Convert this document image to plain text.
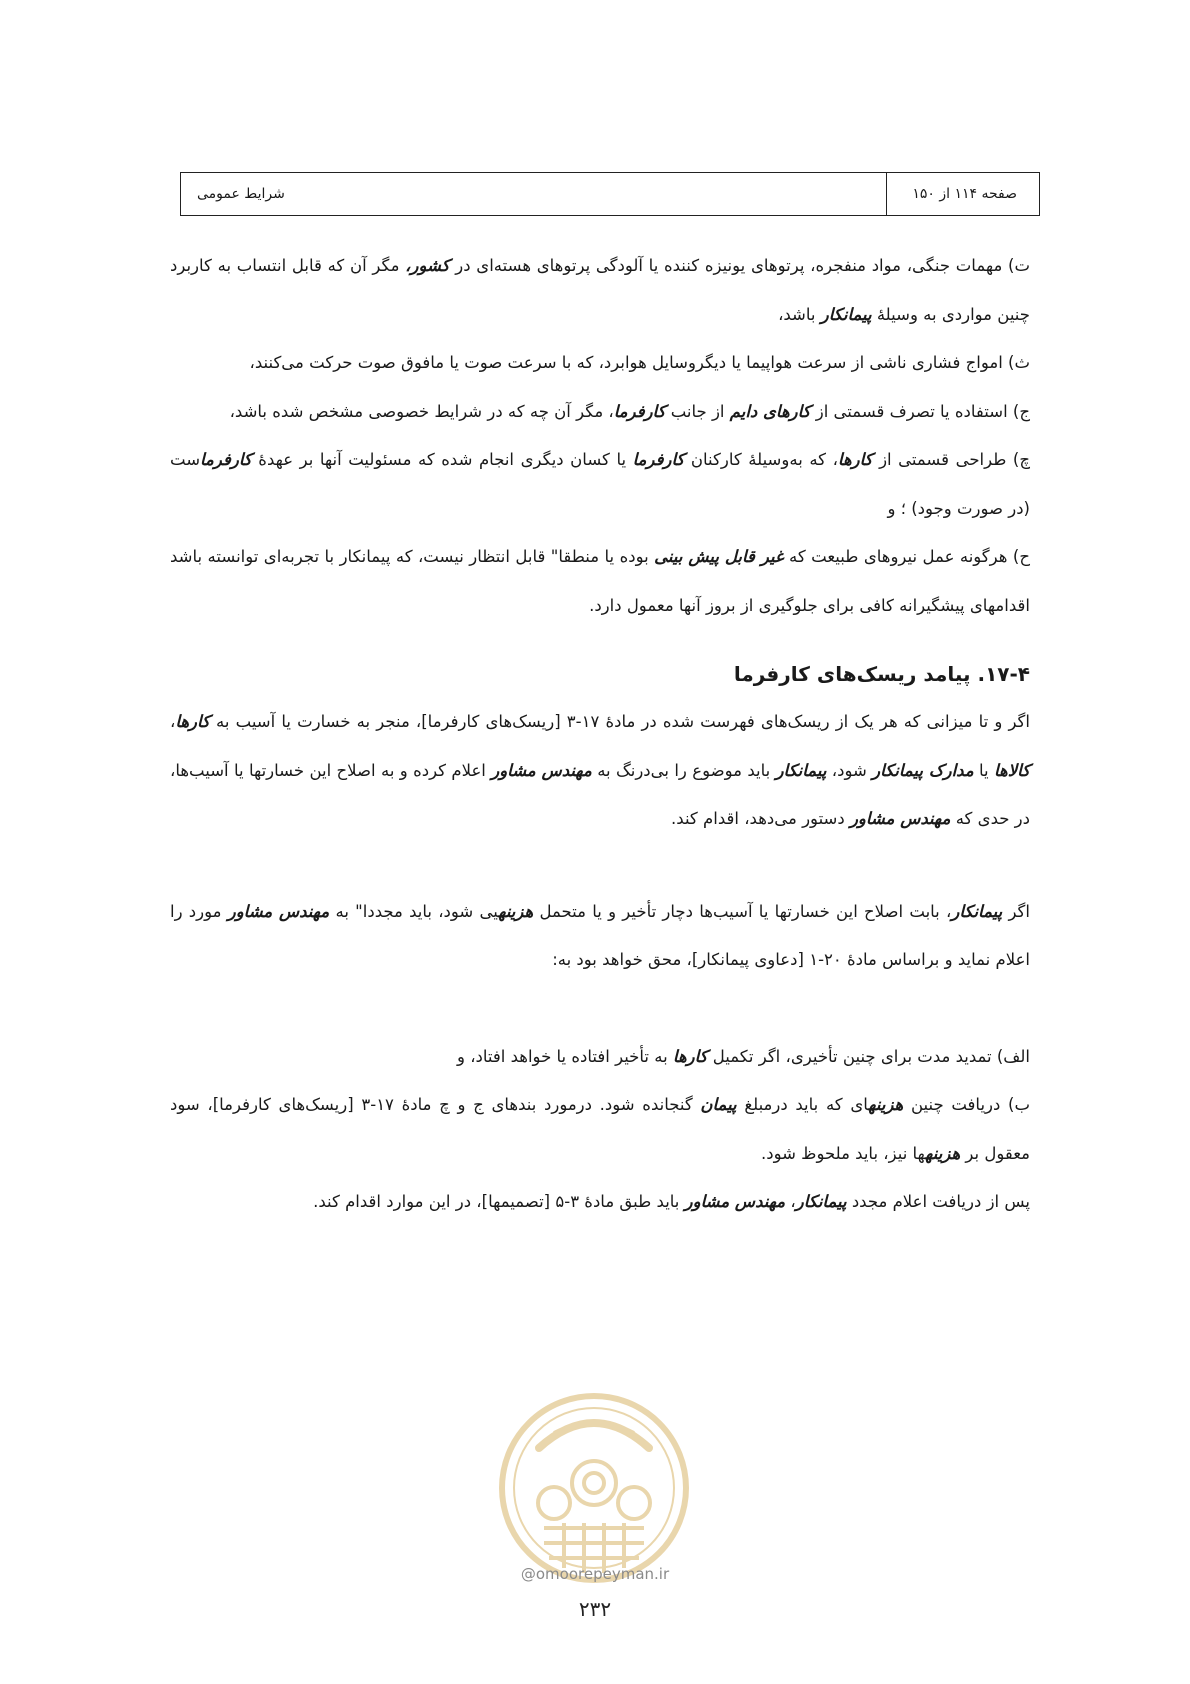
صفحه ۱۱۴ از ۱۵۰
شرایط عمومی

ت) مهمات جنگی، مواد منفجره، پرتوهای یونیزه کننده یا آلودگی پرتوهای هسته‌ای در کشور، مگر آن که قابل انتساب به کاربرد چنین مواردی به وسیلهٔ پیمانکار باشد،

ث) امواج فشاری ناشی از سرعت هواپیما یا دیگروسایل هوابرد، که با سرعت صوت یا مافوق صوت حرکت می‌کنند،

ج) استفاده یا تصرف قسمتی از کارهای دایم از جانب کارفرما، مگر آن چه که در شرایط خصوصی مشخص شده باشد،

چ) طراحی قسمتی از کارها، که به‌وسیلهٔ کارکنان کارفرما یا کسان دیگری انجام شده که مسئولیت آنها بر عهدهٔ کارفرماست (در صورت وجود) ؛ و

ح) هرگونه عمل نیروهای طبیعت که غیر قابل پیش بینی بوده یا منطقا" قابل انتظار نیست، که پیمانکار با تجربه‌ای توانسته باشد اقدامهای پیشگیرانه کافی برای جلوگیری از بروز آنها معمول دارد.

۱۷-۴. پیامد ریسک‌های کارفرما

اگر و تا میزانی که هر یک از ریسک‌های فهرست شده در مادهٔ ۱۷-۳ [ریسک‌های کارفرما]، منجر به خسارت یا آسیب به کارها، کالاها یا مدارک پیمانکار شود، پیمانکار باید موضوع را بی‌درنگ به مهندس مشاور اعلام کرده و به اصلاح این خسارتها یا آسیب‌ها، در حدی که مهندس مشاور دستور می‌دهد، اقدام کند.

اگر پیمانکار، بابت اصلاح این خسارتها یا آسیب‌ها دچار تأخیر و یا متحمل هزینهیی شود، باید مجددا" به مهندس مشاور مورد را اعلام نماید و براساس مادهٔ ۲۰-۱ [دعاوی پیمانکار]، محق خواهد بود به:

الف) تمدید مدت برای چنین تأخیری، اگر تکمیل کارها به تأخیر افتاده یا خواهد افتاد، و

ب) دریافت چنین هزینهای که باید درمبلغ پیمان گنجانده شود. درمورد بندهای ج و چ مادهٔ ۱۷-۳ [ریسک‌های کارفرما]، سود معقول بر هزینهها نیز، باید ملحوظ شود.

پس از دریافت اعلام مجدد پیمانکار، مهندس مشاور باید طبق مادهٔ ۳-۵ [تصمیمها]، در این موارد اقدام کند.

@omoorepeyman.ir
۲۳۲
